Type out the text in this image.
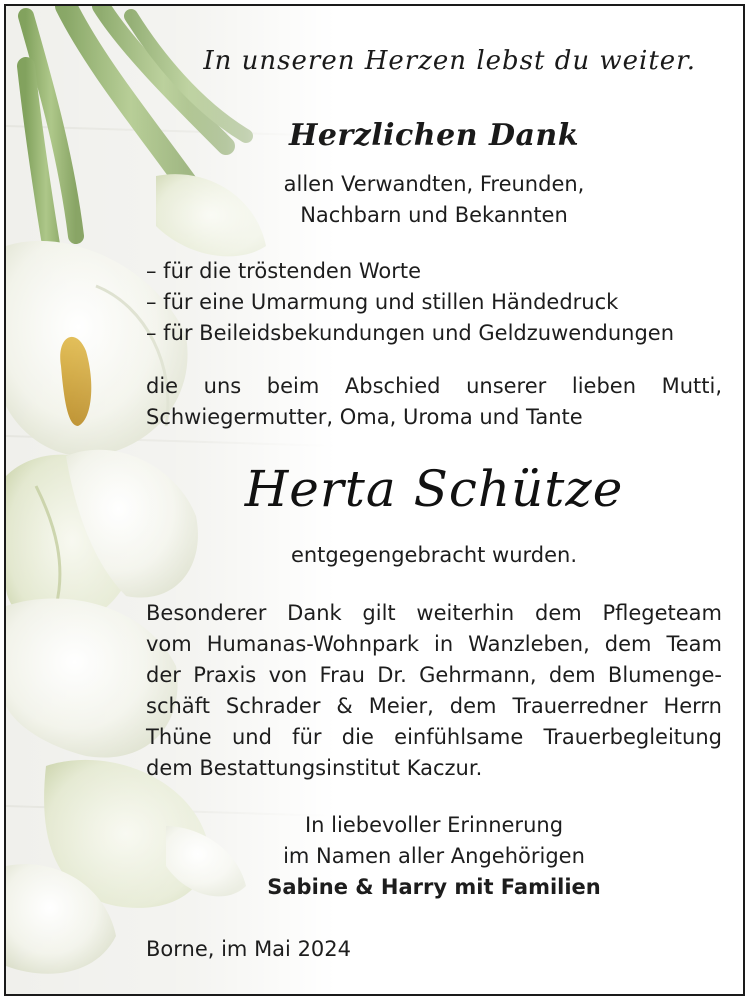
In unseren Herzen lebst du weiter.
Herzlichen Dank
allen Verwandten, Freunden,
Nachbarn und Bekannten
– für die tröstenden Worte
– für eine Umarmung und stillen Händedruck
– für Beileidsbekundungen und Geldzuwendungen
die uns beim Abschied unserer lieben Mutti,
Schwiegermutter, Oma, Uroma und Tante
Herta Schütze
entgegengebracht wurden.
Besonderer Dank gilt weiterhin dem Pflegeteam
vom Humanas-Wohnpark in Wanzleben, dem Team
der Praxis von Frau Dr. Gehrmann, dem Blumenge-
schäft Schrader & Meier, dem Trauerredner Herrn
Thüne und für die einfühlsame Trauerbegleitung
dem Bestattungsinstitut Kaczur.
In liebevoller Erinnerung
im Namen aller Angehörigen
Sabine & Harry mit Familien
Borne, im Mai 2024
